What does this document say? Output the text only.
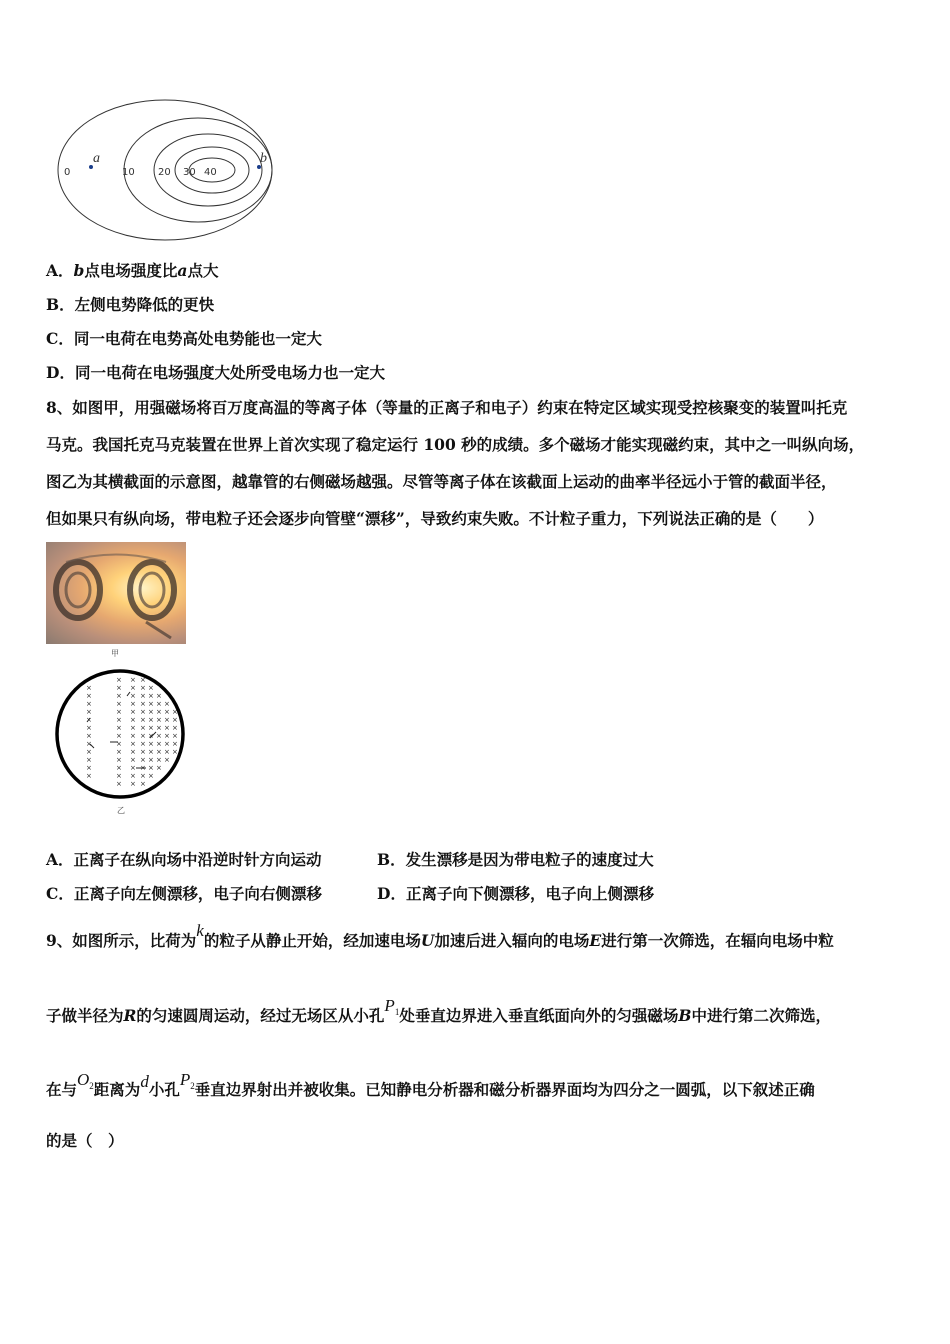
0	10 20 30 40
a	b
A．b点电场强度比a点大
B．左侧电势降低的更快
C．同一电荷在电势高处电势能也一定大
D．同一电荷在电场强度大处所受电场力也一定大
8、如图甲，用强磁场将百万度高温的等离子体（等量的正离子和电子）约束在特定区域实现受控核聚变的装置叫托克
马克。我国托克马克装置在世界上首次实现了稳定运行 100 秒的成绩。多个磁场才能实现磁约束，其中之一叫纵向场，
图乙为其横截面的示意图，越靠管的右侧磁场越强。尽管等离子体在该截面上运动的曲率半径远小于管的截面半径，
但如果只有纵向场，带电粒子还会逐步向管壁“漂移”，导致约束失败。不计粒子重力，下列说法正确的是（　　）
甲
× × ×
×	× × × ×
×	× × × × ×
×	× × × × × ×
×	× × × × × × ×
×	× × × × × × ×
×	× × × × × × ×
×	× × × × × × ×
×	× × × × × × ×
×	× × × × × × ×
×	× × × × × ×
×	× × × × ×
×	× × × ×
× × ×
乙
A．正离子在纵向场中沿逆时针方向运动	B．发生漂移是因为带电粒子的速度过大
C．正离子向左侧漂移，电子向右侧漂移	D．正离子向下侧漂移，电子向上侧漂移
9、如图所示，比荷为k的粒子从静止开始，经加速电场U加速后进入辐向的电场E进行第一次筛选，在辐向电场中粒
子做半径为R的匀速圆周运动，经过无场区从小孔$P_1$处垂直边界进入垂直纸面向外的匀强磁场B中进行第二次筛选，
在与$O_2$距离为d小孔$P_2$垂直边界射出并被收集。已知静电分析器和磁分析器界面均为四分之一圆弧，以下叙述正确
的是（　）
